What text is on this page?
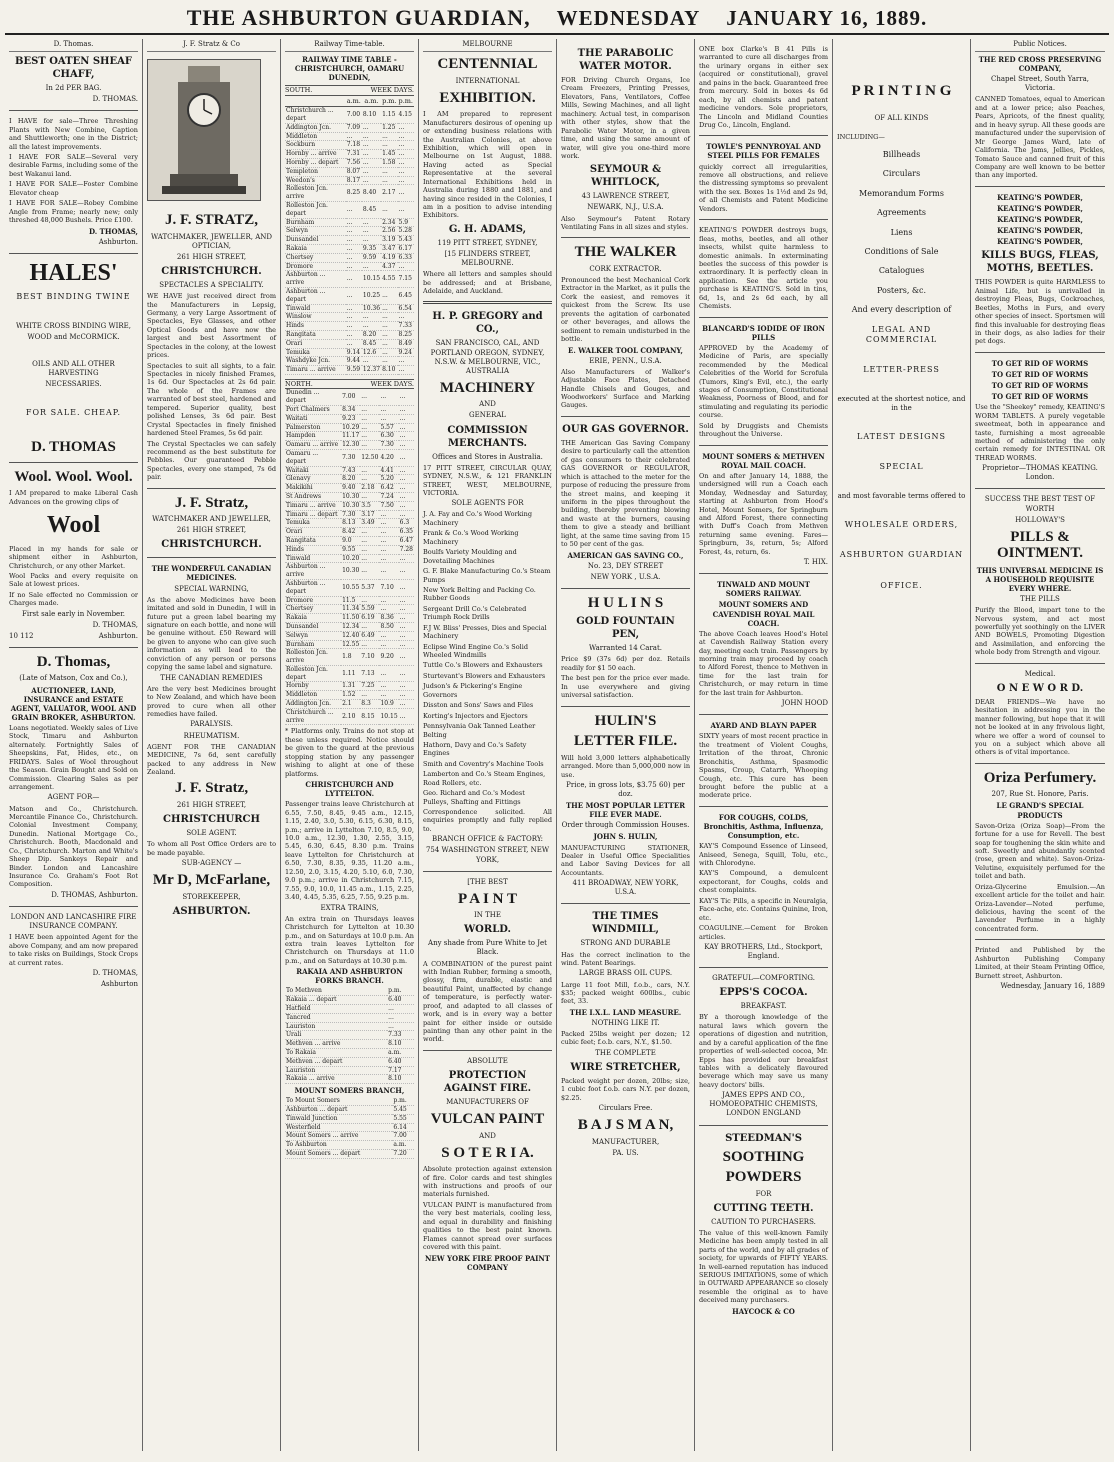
THE ASHBURTON GUARDIAN, WEDNESDAY JANUARY 16, 1889.
D. Thomas.
BEST OATEN SHEAF CHAFF,
In 2d PER BAG.
D. THOMAS.
I HAVE for sale—Three Threshing Plants with New Combine, Caption and Shuttleworth; one in the District; all the latest improvements.
I HAVE FOR SALE—Several very desirable Farms, including some of the best Wakanui land.
I HAVE FOR SALE—Foster Combine Elevator cheap
I HAVE FOR SALE—Robey Combine Angle from Frame; nearly new; only threshed 48,000 Bushels. Price £100.
D. THOMAS,
Ashburton.
HALES'
BEST BINDING TWINE
WHITE CROSS BINDING WIRE,
WOOD and McCORMICK.
OILS AND ALL OTHER HARVESTING
NECESSARIES.
FOR SALE. CHEAP.
D. THOMAS
Wool. Wool. Wool.
I AM prepared to make Liberal Cash Advances on the growing clips of
Wool
Placed in my hands for sale or shipment either in Ashburton, Christchurch, or any other Market.
Wool Packs and every requisite on Sale at lowest prices.
If no Sale effected no Commission or Charges made.
First sale early in November.
D. THOMAS,
10 112	Ashburton.
D. Thomas,
(Late of Matson, Cox and Co.),
AUCTIONEER, LAND, INSURANCE and ESTATE AGENT, VALUATOR, WOOL AND GRAIN BROKER, ASHBURTON.
Loans negotiated. Weekly sales of Live Stock, Timaru and Ashburton alternately. Fortnightly Sales of Sheepskins, Fat, Hides, etc., on FRIDAYS. Sales of Wool throughout the Season. Grain Bought and Sold on Commission. Clearing Sales as per arrangement.
AGENT FOR—
Matson and Co., Christchurch. Mercantile Finance Co., Christchurch. Colonial Investment Company, Dunedin. National Mortgage Co., Christchurch. Booth, Macdonald and Co., Christchurch. Marton and White's Sheep Dip. Sankeys Repair and Binder. London and Lancashire Insurance Co. Graham's Foot Rot Composition.
D. THOMAS, Ashburton.
LONDON AND LANCASHIRE FIRE INSURANCE COMPANY.
I HAVE been appointed Agent for the above Company, and am now prepared to take risks on Buildings, Stock Crops at current rates.
D. THOMAS,
Ashburton
J. F. Stratz & Co
J. F. STRATZ,
WATCHMAKER, JEWELLER, AND OPTICIAN,
261 HIGH STREET,
CHRISTCHURCH.
SPECTACLES A SPECIALITY.
WE HAVE just received direct from the Manufacturers in Lepsig, Germany, a very Large Assortment of Spectacles, Eye Glasses, and other Optical Goods and have now the largest and best Assortment of Spectacles in the colony, at the lowest prices.
Spectacles to suit all sights, to a fair. Spectacles in nicely finished Frames, 1s 6d. Our Spectacles at 2s 6d pair. The whole of the Frames are warranted of best steel, hardened and tempered. Superior quality, best polished Lenses, 3s 6d pair. Best Crystal Spectacles in finely finished hardened Steel Frames, 5s 6d pair.
The Crystal Spectacles we can safely recommend as the best substitute for Pebbles. Our guaranteed Pebble Spectacles, every one stamped, 7s 6d pair.
J. F. Stratz,
WATCHMAKER AND JEWELLER,
261 HIGH STREET,
CHRISTCHURCH.
THE WONDERFUL CANADIAN MEDICINES.
SPECIAL WARNING,
As the above Medicines have been imitated and sold in Dunedin, I will in future put a green label bearing my signature on each bottle, and none will be genuine without. £50 Reward will be given to anyone who can give such information as will lead to the conviction of any person or persons copying the same label and signature.
THE CANADIAN REMEDIES
Are the very best Medicines brought to New Zealand, and which have been proved to cure when all other remedies have failed.
PARALYSIS.
RHEUMATISM.
AGENT FOR THE CANADIAN MEDICINE, 7s 6d, sent carefully packed to any address in New Zealand.
J. F. Stratz,
261 HIGH STREET,
CHRISTCHURCH
SOLE AGENT.
To whom all Post Office Orders are to be made payable.
SUB-AGENCY —
Mr D, McFarlane,
STOREKEEPER,
ASHBURTON.
Railway Time-table.
RAILWAY TIME TABLE - CHRISTCHURCH, OAMARU DUNEDIN,
SOUTH.	WEEK DAYS.
	a.m.	a.m.	p.m.	p.m.
Christchurch ... depart	7.00	8.10	1.15	4.15
Addington Jcn.	7.09	...	1.25	...
Middleton	...	...	...	...
Sockburn	7.18	...	...	...
Hornby ... arrive	7.31	...	1.45	...
Hornby ... depart	7.56	...	1.58	...
Templeton	8.07	...	...	...
Weedon's	8.17	...	...	...
Rolleston Jcn. arrive	8.25	8.40	2.17	...
Rolleston Jcn. depart	...	8.45	...	...
Burnham	...	...	2.34	5.9
Selwyn	...	...	2.56	5.28
Dunsandel	...	...	3.19	5.43
Rakaia	...	9.35	3.47	6.17
Chertsey	...	9.59	4.19	6.33
Dromore	...	...	4.37	...
Ashburton ... arrive	...	10.15	4.55	7.15
Ashburton ... depart	...	10.25	...	6.45
Tinwald	...	10.36	...	6.54
Winslow	...	...	...	...
Hinds	...	...	...	7.33
Rangitata	...	8.20	...	8.25
Orari	...	8.45	...	8.49
Temuka	9.14	12.6	...	9.24
Washdyke Jcn.	9.44	...	...	...
Timaru ... arrive	9.59	12.37	8.10	...
NORTH.	WEEK DAYS.
Dunedin ... depart	7.00	...	...	...
Port Chalmers	8.34	...	...	...
Waitati	9.23	...	...	...
Palmerston	10.29	...	5.57	...
Hampden	11.17	...	6.30	...
Oamaru ... arrive	12.30	...	7.30	...
Oamaru ... depart	7.30	12.50	4.20	...
Waitaki	7.43	...	4.41	...
Glenavy	8.20	...	5.20	...
Makikihi	9.40	2.18	6.42	...
St Andrews	10.30	...	7.24	...
Timaru ... arrive	10.30	3.5	7.50	...
Timaru ... depart	7.30	3.17	...	...
Temuka	8.13	3.49	...	6.3
Orari	8.42	...	...	6.35
Rangitata	9.0	...	...	6.47
Hinds	9.55	...	...	7.28
Tinwald	10.20	...	...	...
Ashburton ... arrive	10.30	...	...	...
Ashburton ... depart	10.55	5.37	7.10	...
Dromore	11.5	...	...	...
Chertsey	11.34	5.59	...	...
Rakaia	11.50	6.19	8.36	...
Dunsandel	12.34	...	8.50	...
Selwyn	12.40	6.49	...	...
Burnham	12.55	...	...	...
Rolleston Jcn. arrive	1.8	7.10	9.20	...
Rolleston Jcn. depart	1.11	7.13	...	...
Hornby	1.31	7.25	...	...
Middleton	1.52	...	...	...
Addington Jcn.	2.1	8.3	10.9	...
Christchurch ... arrive	2.10	8.15	10.15	...
* Platforms only. Trains do not stop at these unless required. Notice should be given to the guard at the previous stopping station by any passenger wishing to alight at one of these platforms.
CHRISTCHURCH AND LYTTELTON.
Passenger trains leave Christchurch at 6.55, 7.50, 8.45, 9.45 a.m., 12.15, 1.15, 2.40, 3.0, 5.30, 6.15, 6.30, 8.15, p.m.; arrive in Lyttelton 7.10, 8.5, 9.0, 10.0 a.m., 12.30, 1.30, 2.55, 3.15, 5.45, 6.30, 6.45, 8.30 p.m. Trains leave Lyttelton for Christchurch at 6.50, 7.30, 8.35, 9.35, 11.20 a.m., 12.50, 2.0, 3.15, 4.20, 5.10, 6.0, 7.30, 9.0 p.m.; arrive in Christchurch 7.15, 7.55, 9.0, 10.0, 11.45 a.m., 1.15, 2.25, 3.40, 4.45, 5.35, 6.25, 7.55, 9.25 p.m.
EXTRA TRAINS,
An extra train on Thursdays leaves Christchurch for Lyttelton at 10.30 p.m., and on Saturdays at 10.0 p.m. An extra train leaves Lyttelton for Christchurch on Thursdays at 11.0 p.m., and on Saturdays at 10.30 p.m.
RAKAIA AND ASHBURTON FORKS BRANCH.
To Methven	p.m.
Rakaia ... depart	6.40
Hatfield	...
Tancred	...
Lauriston	...
Urali	7.33
Methven ... arrive	8.10
To Rakaia	a.m.
Methven ... depart	6.40
Lauriston	7.17
Rakaia ... arrive	8.10
MOUNT SOMERS BRANCH,
To Mount Somers	p.m.
Ashburton ... depart	5.45
Tinwald Junction	5.55
Westerfield	6.14
Mount Somers ... arrive	7.00
To Ashburton	a.m.
Mount Somers ... depart	7.20
MELBOURNE
CENTENNIAL
INTERNATIONAL
EXHIBITION.
I AM prepared to represent Manufacturers desirous of opening up or extending business relations with the Australian Colonies, at above Exhibition, which will open in Melbourne on 1st August, 1888. Having acted as Special Representative at the several International Exhibitions held in Australia during 1880 and 1881, and having since resided in the Colonies, I am in a position to advise intending Exhibitors.
G. H. ADAMS,
119 PITT STREET, SYDNEY,
[15 FLINDERS STREET, MELBOURNE.
Where all letters and samples should be addressed; and at Brisbane, Adelaide, and Auckland.
H. P. GREGORY and CO.,
SAN FRANCISCO, CAL, AND PORTLAND OREGON, SYDNEY, N.S.W. & MELBOURNE, VIC., AUSTRALIA
MACHINERY
AND
GENERAL
COMMISSION MERCHANTS.
Offices and Stores in Australia.
17 PITT STREET, CIRCULAR QUAY, SYDNEY, N.S.W., & 121 FRANKLIN STREET, WEST, MELBOURNE, VICTORIA.
SOLE AGENTS FOR
J. A. Fay and Co.'s Wood Working Machinery
Frank & Co.'s Wood Working Machinery
Boulfs Variety Moulding and Dovetailing Machines
G. F. Blake Manufacturing Co.'s Steam Pumps
New York Belting and Packing Co. Rubber Goods
Sergeant Drill Co.'s Celebrated Triumph Rock Drills
F.J W. Bliss' Presses, Dies and Special Machinery
Eclipse Wind Engine Co.'s Solid Wheeled Windmills
Tuttle Co.'s Blowers and Exhausters
Sturtevant's Blowers and Exhausters
Judson's & Pickering's Engine Governors
Disston and Sons' Saws and Files
Korting's Injectors and Ejectors
Pennsylvania Oak Tanned Leather Belting
Hathorn, Davy and Co.'s Safety Engines
Smith and Coventry's Machine Tools
Lamberton and Co.'s Steam Engines, Road Rollers, etc.
Geo. Richard and Co.'s Modest Pulleys, Shafting and Fittings
Correspondence solicited. All enquiries promptly and fully replied to.
BRANCH OFFICE & FACTORY:
754 WASHINGTON STREET, NEW YORK,
[THE BEST
P A I N T
IN THE
WORLD.
Any shade from Pure White to Jet Black.
A COMBINATION of the purest paint with Indian Rubber, forming a smooth, glossy, firm, durable, elastic and beautiful Paint, unaffected by change of temperature, is perfectly water-proof, and adapted to all classes of work, and is in every way a better paint for either inside or outside painting than any other paint in the world.
ABSOLUTE
PROTECTION AGAINST FIRE.
MANUFACTURERS OF
VULCAN PAINT
AND
S O T E R I A.
Absolute protection against extension of fire. Color cards and test shingles with instructions and proofs of our materials furnished.
VULCAN PAINT is manufactured from the very best materials, cooling less, and equal in durability and finishing qualities to the best paint known. Flames cannot spread over surfaces covered with this paint.
NEW YORK FIRE PROOF PAINT COMPANY
THE PARABOLIC WATER MOTOR.
FOR Driving Church Organs, Ice Cream Freezers, Printing Presses, Elevators, Fans, Ventilators, Coffee Mills, Sewing Machines, and all light machinery. Actual test, in comparison with other styles, show that the Parabolic Water Motor, in a given time, and using the same amount of water, will give you one-third more work.
SEYMOUR & WHITLOCK,
43 LAWRENCE STREET,
NEWARK, N.J., U.S.A.
Also Seymour's Patent Rotary Ventilating Fans in all sizes and styles.
THE WALKER
CORK EXTRACTOR.
Pronounced the best Mechanical Cork Extractor in the Market, as it pulls the Cork the easiest, and removes it quickest from the Screw. Its use prevents the agitation of carbonated or other beverages, and allows the sediment to remain undisturbed in the bottle.
E. WALKER TOOL COMPANY,
ERIE, PENN., U.S.A.
Also Manufacturers of Walker's Adjustable Face Plates, Detached Handle Chisels and Gouges, and Woodworkers' Surface and Marking Gauges.
OUR GAS GOVERNOR.
THE American Gas Saving Company desire to particularly call the attention of gas consumers to their celebrated GAS GOVERNOR or REGULATOR, which is attached to the meter for the purpose of reducing the pressure from the street mains, and keeping it uniform in the pipes throughout the building, thereby preventing blowing and waste at the burners, causing them to give a steady and brilliant light, at the same time saving from 15 to 50 per cent of the gas.
AMERICAN GAS SAVING CO.,
No. 23, DEY STREET
NEW YORK , U.S.A.
H U L I N S
GOLD FOUNTAIN PEN,
Warranted 14 Carat.
Price $9 (37s 6d) per doz. Retails readily for $1 50 each.
The best pen for the price ever made. In use everywhere and giving universal satisfaction.
HULIN'S
LETTER FILE.
Will hold 3,000 letters alphabetically arranged. More than 5,000,000 now in use.
Price, in gross lots, $3.75 60) per doz.
THE MOST POPULAR LETTER FILE EVER MADE.
Order through Commission Houses.
JOHN S. HULIN,
MANUFACTURING STATIONER, Dealer in Useful Office Specialities and Labor Saving Devices for all Accountants.
411 BROADWAY, NEW YORK, U.S.A.
THE TIMES WINDMILL,
STRONG AND DURABLE
Has the correct inclination to the wind. Patent Bearings.
LARGE BRASS OIL CUPS.
Large 11 foot Mill, f.o.b., cars, N.Y. $35; packed weight 600lbs., cubic feet, 33.
THE I.X.L. LAND MEASURE.
NOTHING LIKE IT.
Packed 25lbs weight per dozen; 12 cubic feet; f.o.b. cars, N.Y., $1.50.
THE COMPLETE
WIRE STRETCHER,
Packed weight per dozen, 20lbs; size, 1 cubic foot f.o.b. cars N.Y. per dozen, $2.25.
Circulars Free.
B A J S M A N,
MANUFACTURER,
PA. US.
ONE box Clarke's B 41 Pills is warranted to cure all discharges from the urinary organs in either sex (acquired or constitutional), gravel and pains in the back. Guaranteed free from mercury. Sold in boxes 4s 6d each, by all chemists and patent medicine vendors. Sole proprietors, The Lincoln and Midland Counties Drug Co., Lincoln, England.
TOWLE'S PENNYROYAL AND STEEL PILLS FOR FEMALES
quickly correct all irregularities, remove all obstructions, and relieve the distressing symptoms so prevalent with the sex. Boxes 1s 1½d and 2s 9d, of all Chemists and Patent Medicine Vendors.
KEATING'S POWDER destroys bugs, fleas, moths, beetles, and all other insects, whilst quite harmless to domestic animals. In exterminating beetles the success of this powder is extraordinary. It is perfectly clean in application. See the article you purchase is KEATING'S. Sold in tins, 6d, 1s, and 2s 6d each, by all Chemists.
BLANCARD'S IODIDE OF IRON PILLS
APPROVED by the Academy of Medicine of Paris, are specially recommended by the Medical Celebrities of the World for Scrofula (Tumors, King's Evil, etc.), the early stages of Consumption, Constitutional Weakness, Poorness of Blood, and for stimulating and regulating its periodic course.
Sold by Druggists and Chemists throughout the Universe.
MOUNT SOMERS & METHVEN ROYAL MAIL COACH.
On and after January 14, 1888, the undersigned will run a Coach each Monday, Wednesday and Saturday, starting at Ashburton from Hood's Hotel, Mount Somers, for Springburn and Alford Forest, there connecting with Duff's Coach from Methven returning same evening. Fares—Springburn, 3s, return, 5s; Alford Forest, 4s, return, 6s.
T. HIX.
TINWALD AND MOUNT SOMERS RAILWAY.
MOUNT SOMERS AND CAVENDISH ROYAL MAIL COACH.
The above Coach leaves Hood's Hotel at Cavendish Railway Station every day, meeting each train. Passengers by morning train may proceed by coach to Alford Forest, thence to Methven in time for the last train for Christchurch, or may return in time for the last train for Ashburton.
JOHN HOOD
AYARD AND BLAYN PAPER
SIXTY years of most recent practice in the treatment of Violent Coughs, Irritation of the throat, Chronic Bronchitis, Asthma, Spasmodic Spasms, Croup, Catarrh, Whooping Cough, etc. This cure has been brought before the public at a moderate price.
FOR COUGHS, COLDS, Bronchitis, Asthma, Influenza, Consumption, etc.
KAY'S Compound Essence of Linseed, Aniseed, Senega, Squill, Tolu, etc., with Chlorodyne.
KAY'S Compound, a demulcent expectorant, for Coughs, colds and chest complaints.
KAY'S Tic Pills, a specific in Neuralgia, Face-ache, etc. Contains Quinine, Iron, etc.
COAGULINE.—Cement for Broken articles.
KAY BROTHERS, Ltd., Stockport, England.
GRATEFUL—COMFORTING.
EPPS'S COCOA.
BREAKFAST.
BY a thorough knowledge of the natural laws which govern the operations of digestion and nutrition, and by a careful application of the fine properties of well-selected cocoa, Mr. Epps has provided our breakfast tables with a delicately flavoured beverage which may save us many heavy doctors' bills.
JAMES EPPS AND CO., HOMOEOPATHIC CHEMISTS, LONDON ENGLAND
STEEDMAN'S
SOOTHING
POWDERS
FOR
CUTTING TEETH.
CAUTION TO PURCHASERS.
The value of this well-known Family Medicine has been amply tested in all parts of the world, and by all grades of society, for upwards of FIFTY YEARS. In well-earned reputation has induced SERIOUS IMITATIONS, some of which in OUTWARD APPEARANCE so closely resemble the original as to have deceived many purchasers.
HAYCOCK & CO
P R I N T I N G
OF ALL KINDS
INCLUDING—
Billheads
Circulars
Memorandum Forms
Agreements
Liens
Conditions of Sale
Catalogues
Posters, &c.
And every description of
LEGAL AND COMMERCIAL
LETTER-PRESS
executed at the shortest notice, and in the
LATEST DESIGNS
SPECIAL
and most favorable terms offered to
WHOLESALE ORDERS,
ASHBURTON GUARDIAN
OFFICE.
Public Notices.
THE RED CROSS PRESERVING COMPANY,
Chapel Street, South Yarra, Victoria.
CANNED Tomatoes, equal to American and at a lower price; also Peaches, Pears, Apricots, of the finest quality, and in heavy syrup. All these goods are manufactured under the supervision of Mr George James Ward, late of California. The Jams, Jellies, Pickles, Tomato Sauce and canned fruit of this Company are well known to be better than any imported.
KEATING'S POWDER,
KEATING'S POWDER,
KEATING'S POWDER,
KEATING'S POWDER,
KEATING'S POWDER,
KILLS BUGS, FLEAS, MOTHS, BEETLES.
THIS POWDER is quite HARMLESS to Animal Life, but is unrivalled in destroying Fleas, Bugs, Cockroaches, Beetles, Moths in Furs, and every other species of insect. Sportsmen will find this invaluable for destroying fleas in their dogs, as also ladies for their pet dogs.
TO GET RID OF WORMS
TO GET RID OF WORMS
TO GET RID OF WORMS
TO GET RID OF WORMS
Use the "Sheekey" remedy, KEATING'S WORM TABLETS. A purely vegetable sweetmeat, both in appearance and taste, furnishing a most agreeable method of administering the only certain remedy for INTESTINAL OR THREAD WORMS.
Proprietor—THOMAS KEATING. London.
SUCCESS THE BEST TEST OF WORTH
HOLLOWAY'S
PILLS & OINTMENT.
THIS UNIVERSAL MEDICINE IS A HOUSEHOLD REQUISITE EVERY WHERE.
THE PILLS
Purify the Blood, impart tone to the Nervous system, and act most powerfully yet soothingly on the LIVER AND BOWELS, Promoting Digestion and Assimilation, and enforcing the whole body from Strength and vigour.
Medical.
O N E W O R D.
DEAR FRIENDS—We have no hesitation in addressing you in the manner following, but hope that it will not be looked at in any frivolous light, where we offer a word of counsel to you on a subject which above all others is of vital importance.
Oriza Perfumery.
207, Rue St. Honore, Paris.
LE GRAND'S SPECIAL PRODUCTS
Savon-Oriza (Oriza Soap)—From the fortune for a use for Revell. The best soap for toughening the skin white and soft. Sweetly and abundantly scented (rose, green and white). Savon-Oriza-Velutine, exquisitely perfumed for the toilet and bath.
Oriza-Glycerine Emulsion.—An excellent article for the toilet and hair. Oriza-Lavender—Noted perfume, delicious, having the scent of the Lavender Perfume in a highly concentrated form.
Printed and Published by the Ashburton Publishing Company Limited, at their Steam Printing Office, Burnett street, Ashburton.
Wednesday, January 16, 1889
